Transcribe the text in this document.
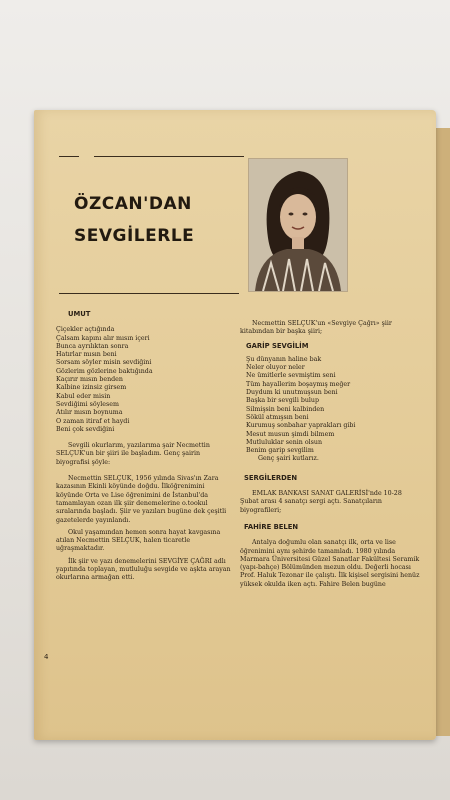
ÖZCAN'DAN
SEVGİLERLE

UMUT

Çiçekler açtığında

Çalsam kapını alır mısın içeri

Bunca ayrılıktan sonra

Hatırlar mısın beni

Sorsam söyler misin sevdiğini

Gözlerim gözlerine baktığında

Kaçırır mısın benden

Kalbine izinsiz girsem

Kabul eder misin

Sevdiğimi söylesem

Atılır mısın boynuma

O zaman itiraf et haydi

Beni çok sevdiğini

Sevgili okurlarım, yazılarıma şair Necmettin SELÇUK'un bir şiiri ile başladım. Genç şairin biyografisi şöyle:

Necmettin SELÇUK, 1956 yılında Sivas'ın Zara kazasının Ekinli köyünde doğdu. İlköğrenimini köyünde Orta ve Lise öğrenimini de İstanbul'da tamamlayan ozan ilk şiir denemelerine o.tookul sıralarında başladı. Şiir ve yazıları bugüne dek çeşitli gazetelerde yayınlandı.

Okul yaşamından hemen sonra hayat kavgasına atılan Necmettin SELÇUK, halen ticaretle uğraşmaktadır.

İlk şiir ve yazı denemelerini SEVGİYE ÇAĞRI adlı yapıtında toplayan, mutluluğu sevgide ve aşkta arayan okurlarına armağan etti.

Necmettin SELÇUK'un «Sevgiye Çağrı» şiir kitabından bir başka şiiri;

GARİP SEVGİLİM

Şu dünyanın haline bak

Neler oluyor neler

Ne ümitlerle sevmiştim seni

Tüm hayallerim boşaymış meğer

Duydum ki unutmuşsun beni

Başka bir sevgili bulup

Silmişsin beni kalbinden

Sökül atmışsın beni

Kurumuş sonbahar yaprakları gibi

Mesut musun şimdi bilmem

Mutluluklar senin olsun

Benim garip sevgilim

Genç şairi kutlarız.

SERGİLERDEN

EMLAK BANKASI SANAT GALERİSİ'nde 10-28 Şubat arası 4 sanatçı sergi açtı. Sanatçıların biyografileri;

FAHİRE BELEN

Antalya doğumlu olan sanatçı ilk, orta ve lise öğrenimini aynı şehirde tamamladı. 1980 yılında Marmara Üniversitesi Güzel Sanatlar Fakültesi Seramik (yapı-bahçe) Bölümünden mezun oldu. Değerli hocası Prof. Haluk Tezonar ile çalıştı. İlk kişisel sergisini henüz yüksek okulda iken açtı. Fahire Belen bugüne

4
